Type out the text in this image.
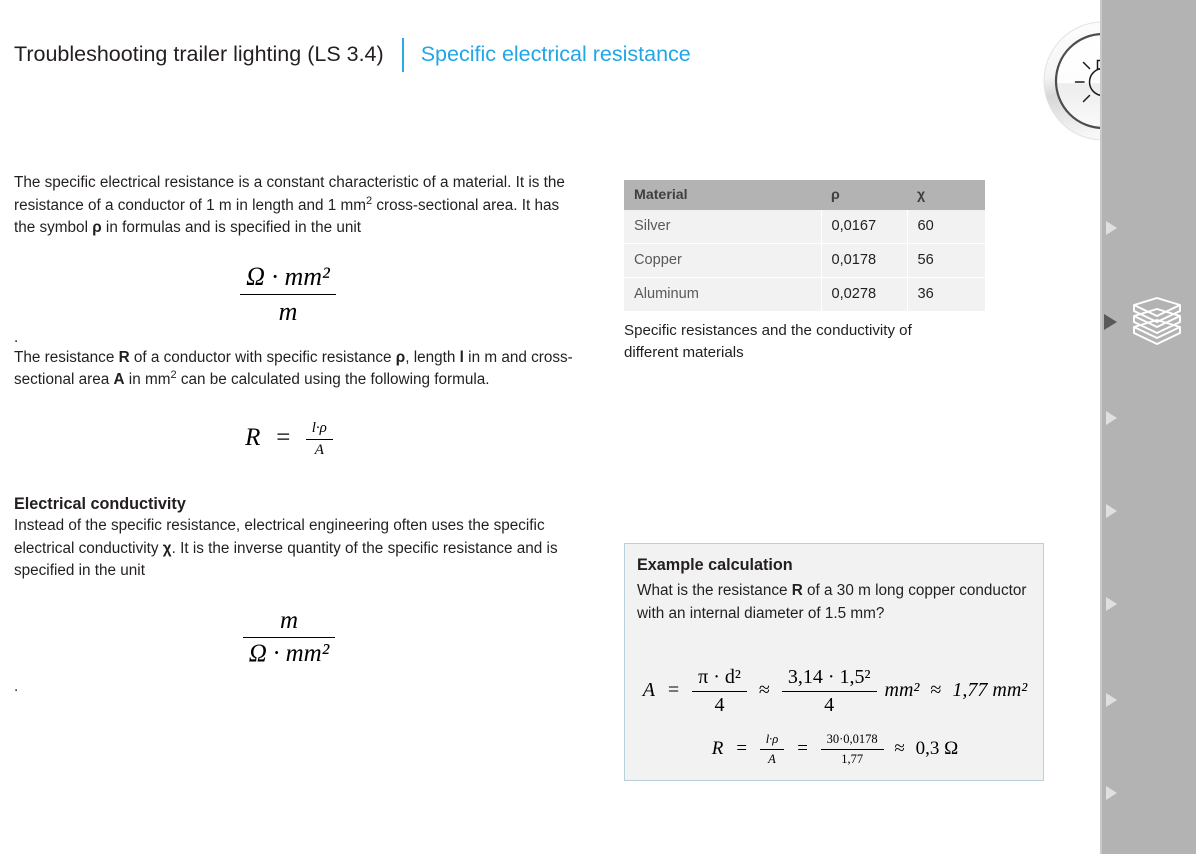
Troubleshooting trailer lighting (LS 3.4) Specific electrical resistance

The specific electrical resistance is a constant characteristic of a material. It is the resistance of a conductor of 1 m in length and 1 $mm^2$ cross-sectional area. It has the symbol ρ in formulas and is specified in the unit

$\frac{\text{Ω · mm²}}{m}$

.

The resistance R of a conductor with specific resistance ρ, length l in m and cross-sectional area A in $mm^2$ can be calculated using the following formula.

$R = \frac{l\cdot\rho}{A}$

Electrical conductivity

Instead of the specific resistance, electrical engineering often uses the specific electrical conductivity χ. It is the inverse quantity of the specific resistance and is specified in the unit

$\frac{m}{\text{Ω · mm²}}$

.

Material	ρ	χ
Silver	0,0167	60
Copper	0,0178	56
Aluminum	0,0278	36
Specific resistances and the conductivity of different materials
Example calculation
What is the resistance R of a 30 m long copper conductor with an internal diameter of 1.5 mm?
$A = \frac{\text{π · d²}}{4} \approx \frac{\text{3,14 · 1,5²}}{4} mm^2 \approx 1,77$ mm²
$R = \frac{l\cdot\rho}{A} = \frac{30\cdot 0,0178}{1,77} \approx 0,3$ Ω
